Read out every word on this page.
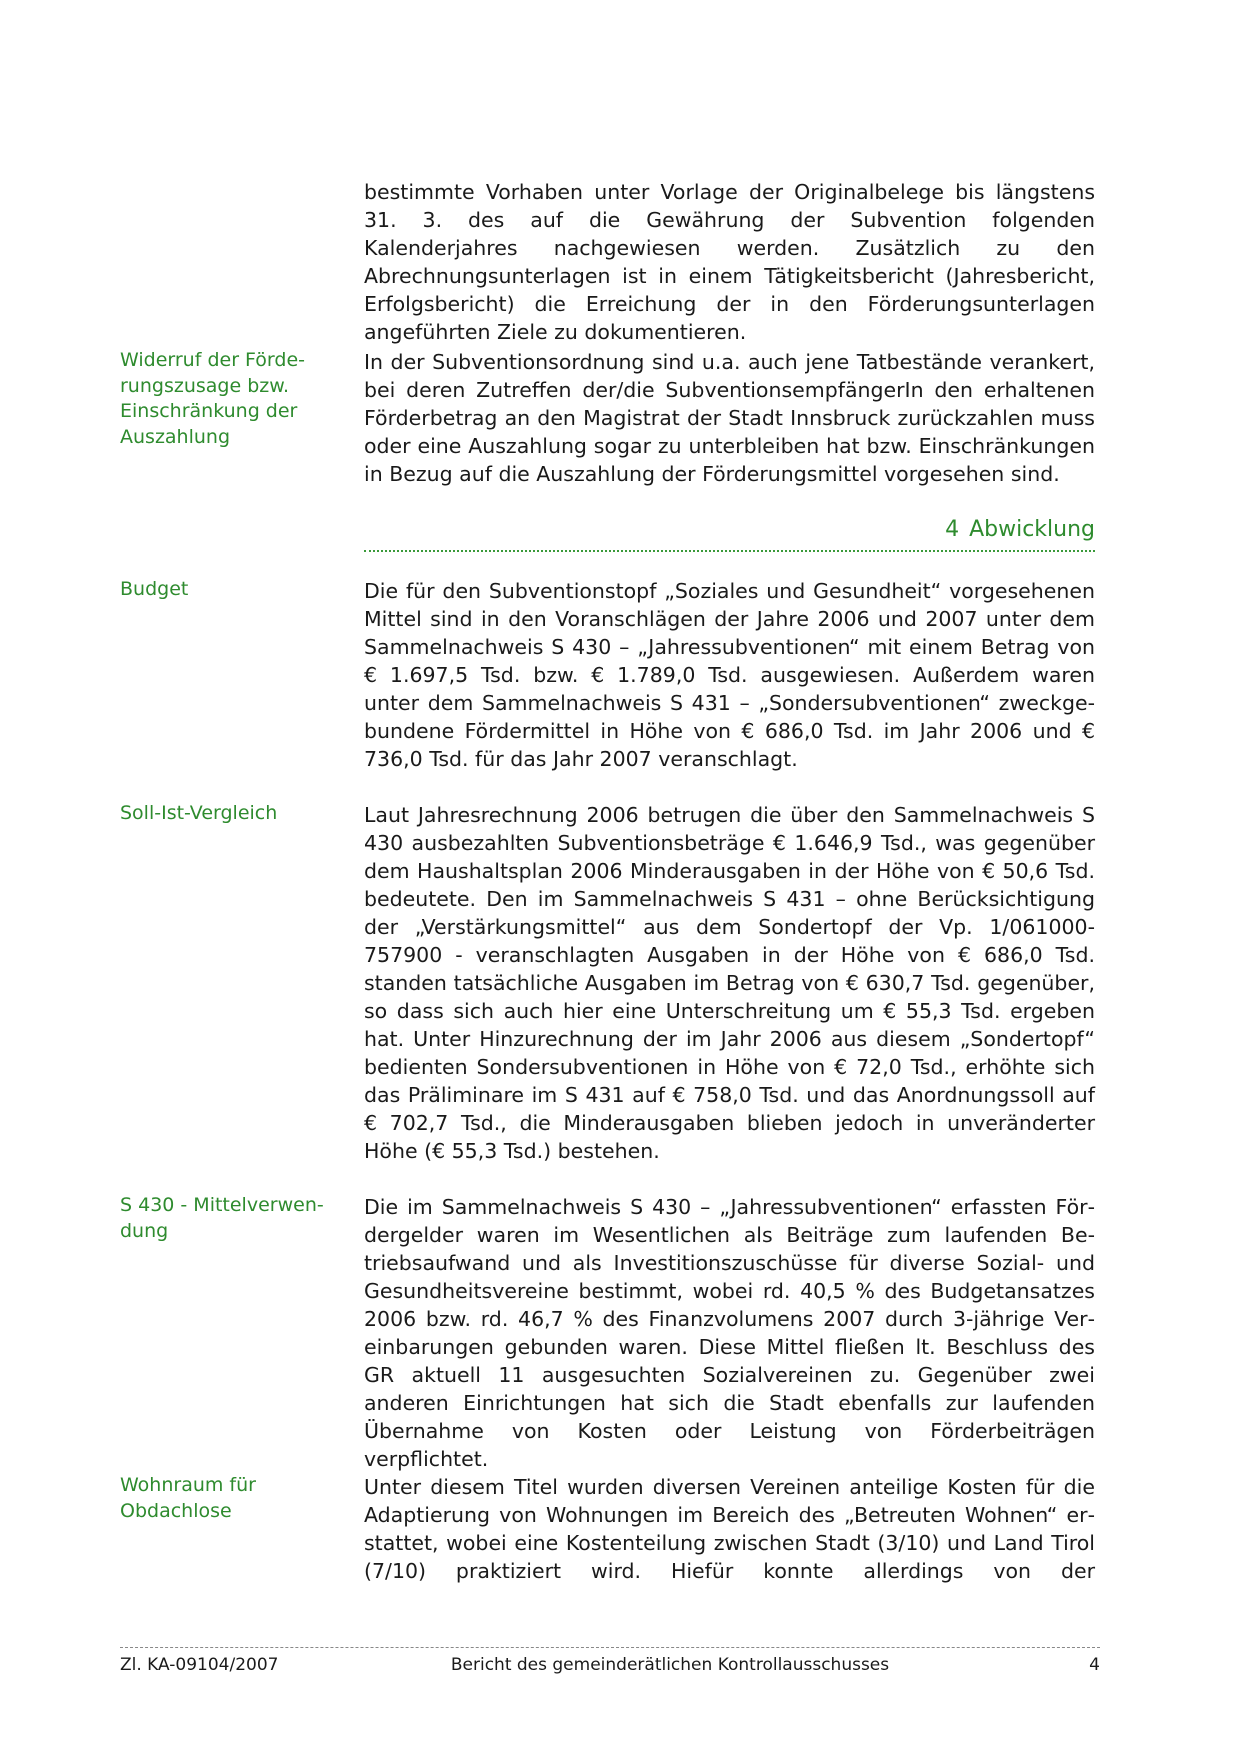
bestimmte Vorhaben unter Vorlage der Originalbelege bis längstens 31. 3. des auf die Gewährung der Subvention folgenden Kalenderjahres nachgewiesen werden. Zusätzlich zu den Abrechnungsunterlagen ist in einem Tätigkeitsbericht (Jahresbericht, Erfolgsbericht) die Erreichung der in den Förderungsunterlagen angeführten Ziele zu dokumentieren.
Widerruf der Förderungszusage bzw. Einschränkung der Auszahlung
In der Subventionsordnung sind u.a. auch jene Tatbestände verankert, bei deren Zutreffen der/die SubventionsempfängerIn den erhaltenen Förderbetrag an den Magistrat der Stadt Innsbruck zurückzahlen muss oder eine Auszahlung sogar zu unterbleiben hat bzw. Einschränkungen in Bezug auf die Auszahlung der Förderungsmittel vorgesehen sind.
4 Abwicklung
Budget	Die für den Subventionstopf „Soziales und Gesundheit“ vorgesehenen Mittel sind in den Voranschlägen der Jahre 2006 und 2007 unter dem Sammelnachweis S 430 – „Jahressubventionen“ mit einem Betrag von € 1.697,5 Tsd. bzw. € 1.789,0 Tsd. ausgewiesen. Außerdem waren unter dem Sammelnachweis S 431 – „Sondersubventionen“ zweckgebundene Fördermittel in Höhe von € 686,0 Tsd. im Jahr 2006 und € 736,0 Tsd. für das Jahr 2007 veranschlagt.
Soll-Ist-Vergleich	Laut Jahresrechnung 2006 betrugen die über den Sammelnachweis S 430 ausbezahlten Subventionsbeträge € 1.646,9 Tsd., was gegenüber dem Haushaltsplan 2006 Minderausgaben in der Höhe von € 50,6 Tsd. bedeutete. Den im Sammelnachweis S 431 – ohne Berücksichtigung der „Verstärkungsmittel“ aus dem Sondertopf der Vp. 1/061000-757900 - veranschlagten Ausgaben in der Höhe von € 686,0 Tsd. standen tatsächliche Ausgaben im Betrag von € 630,7 Tsd. gegenüber, so dass sich auch hier eine Unterschreitung um € 55,3 Tsd. ergeben hat. Unter Hinzurechnung der im Jahr 2006 aus diesem „Sondertopf“ bedienten Sondersubventionen in Höhe von € 72,0 Tsd., erhöhte sich das Präliminare im S 431 auf € 758,0 Tsd. und das Anordnungssoll auf € 702,7 Tsd., die Minderausgaben blieben jedoch in unveränderter Höhe (€ 55,3 Tsd.) bestehen.
S 430 - Mittelverwendung
Die im Sammelnachweis S 430 – „Jahressubventionen“ erfassten Fördergelder waren im Wesentlichen als Beiträge zum laufenden Betriebsaufwand und als Investitionszuschüsse für diverse Sozial- und Gesundheitsvereine bestimmt, wobei rd. 40,5 % des Budgetansatzes 2006 bzw. rd. 46,7 % des Finanzvolumens 2007 durch 3-jährige Vereinbarungen gebunden waren. Diese Mittel fließen lt. Beschluss des GR aktuell 11 ausgesuchten Sozialvereinen zu. Gegenüber zwei anderen Einrichtungen hat sich die Stadt ebenfalls zur laufenden Übernahme von Kosten oder Leistung von Förderbeiträgen verpflichtet.
Wohnraum für Obdachlose
Unter diesem Titel wurden diversen Vereinen anteilige Kosten für die Adaptierung von Wohnungen im Bereich des „Betreuten Wohnen“ erstattet, wobei eine Kostenteilung zwischen Stadt (3/10) und Land Tirol (7/10) praktiziert wird. Hiefür konnte allerdings von der
Zl. KA-09104/2007	Bericht des gemeinderätlichen Kontrollausschusses	4
